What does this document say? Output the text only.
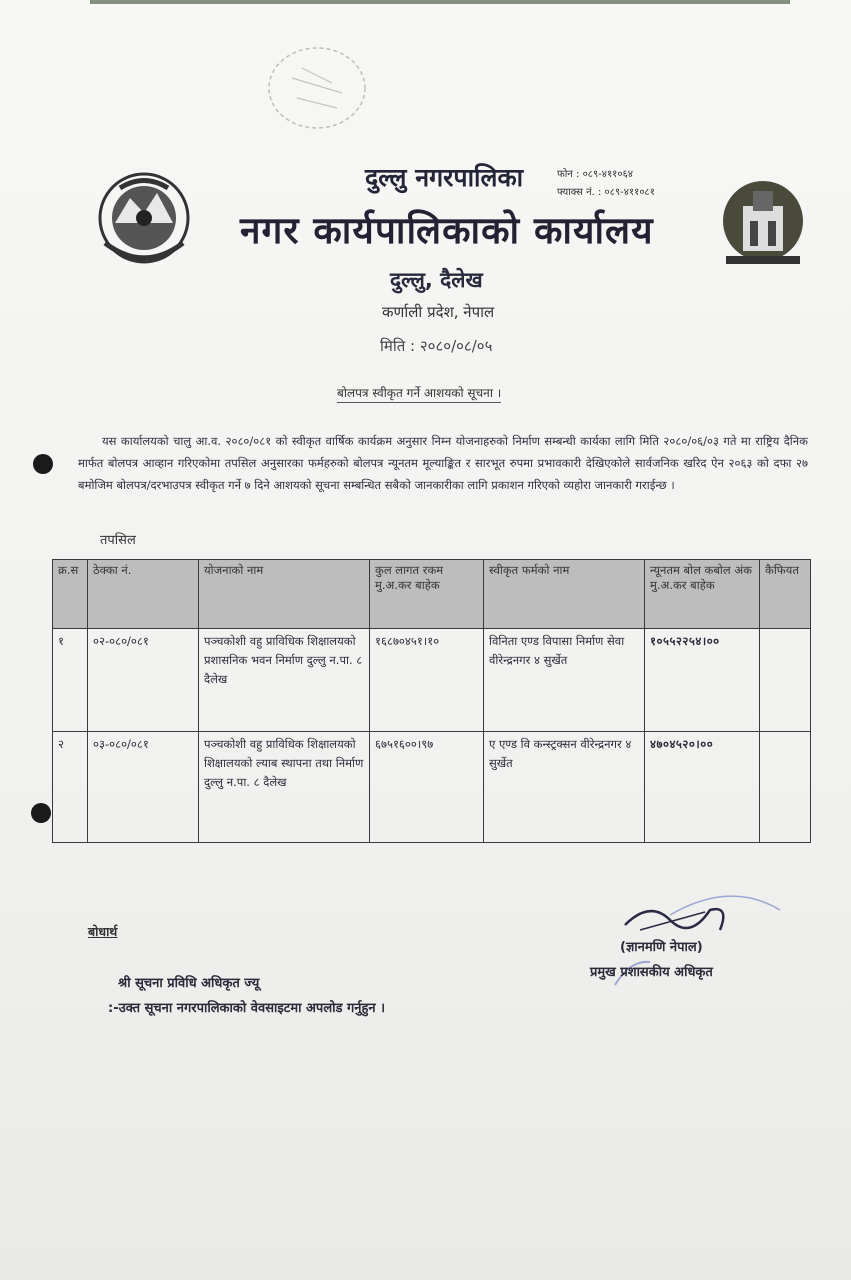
दुल्लु नगरपालिका	फोन : ०८९-४११०६४
फ्याक्स नं. : ०८९-४११०८१
नगर कार्यपालिकाको कार्यालय
दुल्लु, दैलेख
कर्णाली प्रदेश, नेपाल
मिति : २०८०/०८/०५
बोलपत्र स्वीकृत गर्ने आशयको सूचना ।
यस कार्यालयको चालु आ.व. २०८०/०८१ को स्वीकृत वार्षिक कार्यक्रम अनुसार निम्न योजनाहरुको निर्माण सम्बन्धी कार्यका लागि मिति २०८०/०६/०३ गते मा राष्ट्रिय दैनिक मार्फत बोलपत्र आव्हान गरिएकोमा तपसिल अनुसारका फर्महरुको बोलपत्र न्यूनतम मूल्याङ्कित र सारभूत रुपमा प्रभावकारी देखिएकोले सार्वजनिक खरिद ऐन २०६३ को दफा २७ बमोजिम बोलपत्र/दरभाउपत्र स्वीकृत गर्ने ७ दिने आशयको सूचना सम्बन्धित सबैको जानकारीका लागि प्रकाशन गरिएको व्यहोरा जानकारी गराईन्छ ।
तपसिल
क्र.स	ठेक्का नं.	योजनाको नाम	कुल लागत रकम मु.अ.कर बाहेक	स्वीकृत फर्मको नाम	न्यूनतम बोल कबोल अंक मु.अ.कर बाहेक	कैफियत
१	०२-०८०/०८१	पञ्चकोशी वहु प्राविधिक शिक्षालयको प्रशासनिक भवन निर्माण दुल्लु न.पा. ८ दैलेख	१६८७०४५१।१०	विनिता एण्ड विपासा निर्माण सेवा वीरेन्द्रनगर ४ सुर्खेत	१०५५२२५४।००	
२	०३-०८०/०८१	पञ्चकोशी वहु प्राविधिक शिक्षालयको शिक्षालयको ल्याब स्थापना तथा निर्माण दुल्लु न.पा. ८ दैलेख	६७५१६००।९७	ए एण्ड वि कन्स्ट्रक्सन वीरेन्द्रनगर ४ सुर्खेत	४७०४५२०।००	
बोधार्थ
(ज्ञानमणि नेपाल)
प्रमुख प्रशासकीय अधिकृत
श्री सूचना प्रविधि अधिकृत ज्यू
:-उक्त सूचना नगरपालिकाको वेवसाइटमा अपलोड गर्नुहुन ।
